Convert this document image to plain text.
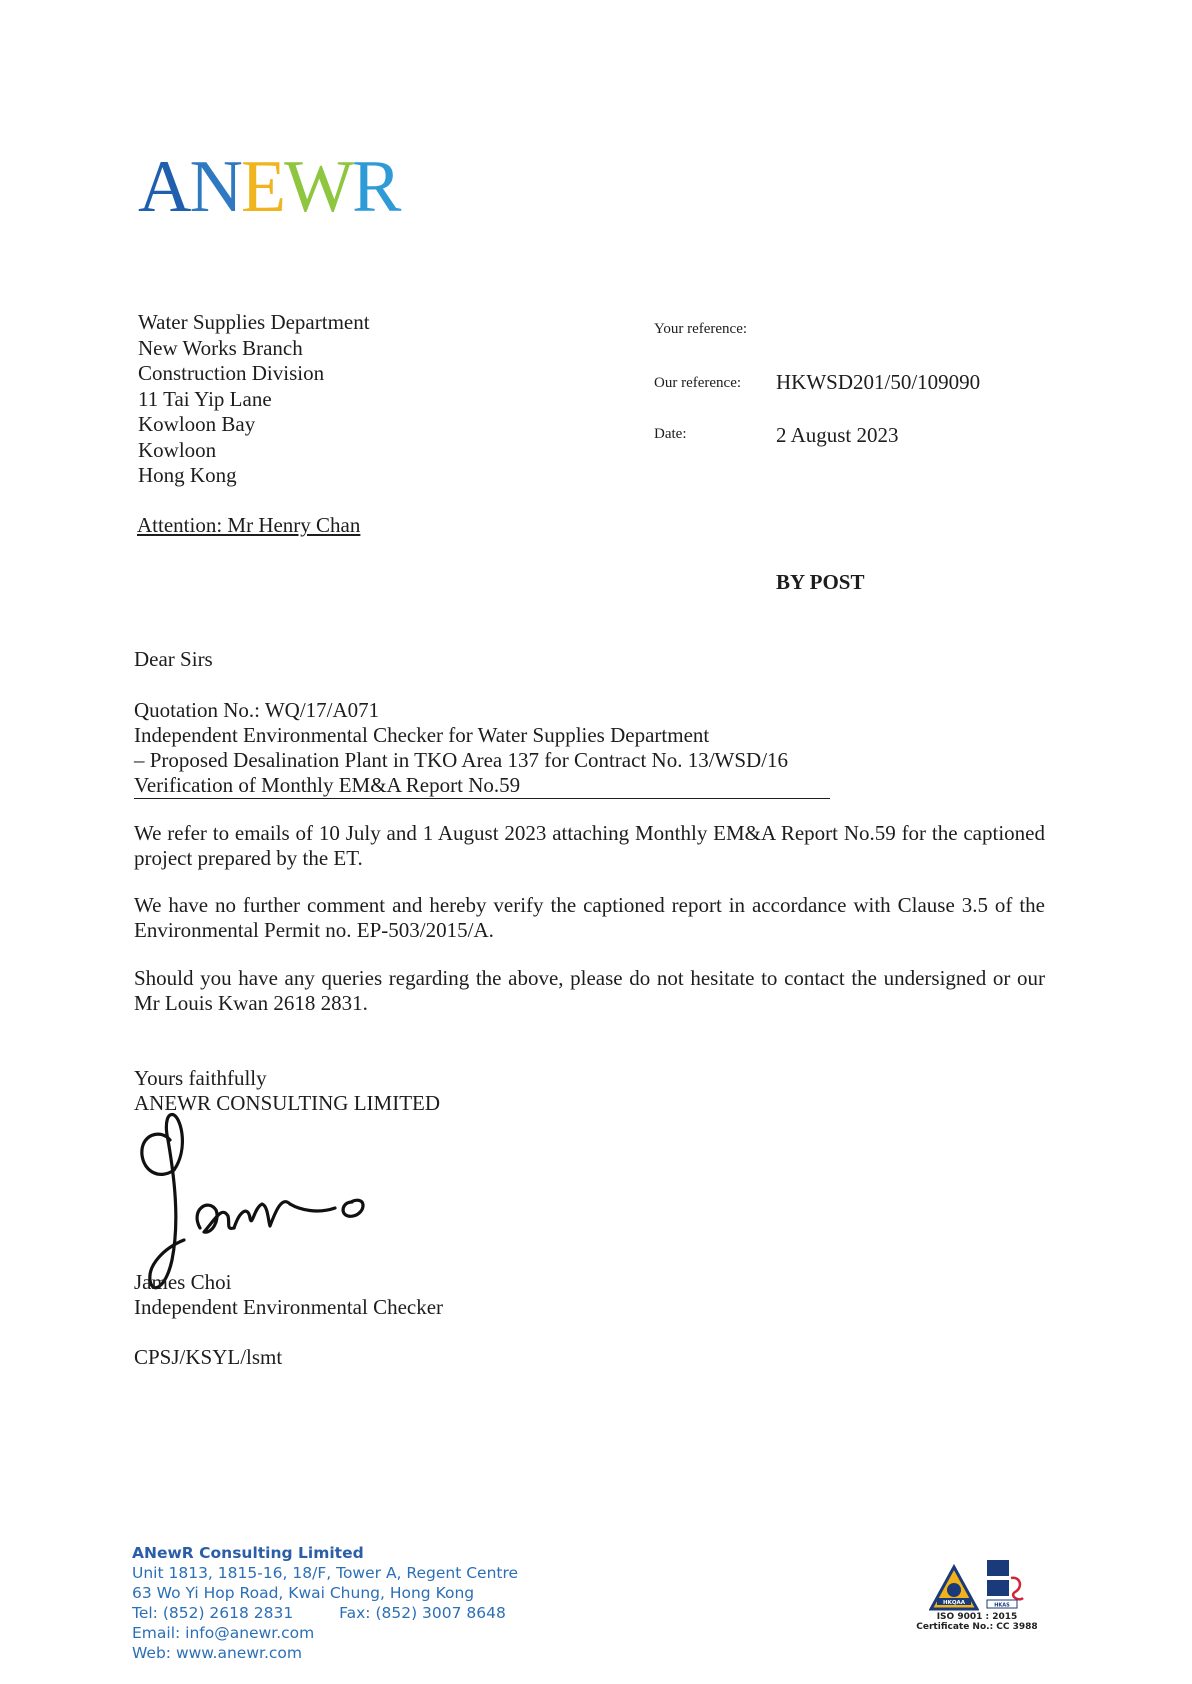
ANEWR
Water Supplies Department
New Works Branch
Construction Division
11 Tai Yip Lane
Kowloon Bay
Kowloon
Hong Kong
Attention: Mr Henry Chan
Your reference:
Our reference: HKWSD201/50/109090
Date:	2 August 2023
BY POST
Dear Sirs
Quotation No.: WQ/17/A071
Independent Environmental Checker for Water Supplies Department
– Proposed Desalination Plant in TKO Area 137 for Contract No. 13/WSD/16
Verification of Monthly EM&A Report No.59
We refer to emails of 10 July and 1 August 2023 attaching Monthly EM&A Report No.59 for the captioned project prepared by the ET.
We have no further comment and hereby verify the captioned report in accordance with Clause 3.5 of the Environmental Permit no. EP-503/2015/A.
Should you have any queries regarding the above, please do not hesitate to contact the undersigned or our Mr Louis Kwan 2618 2831.
Yours faithfully
ANEWR CONSULTING LIMITED
James Choi
Independent Environmental Checker
CPSJ/KSYL/lsmt
ANewR Consulting Limited
Unit 1813, 1815-16, 18/F, Tower A, Regent Centre
63 Wo Yi Hop Road, Kwai Chung, Hong Kong
Tel: (852) 2618 2831	Fax: (852) 3007 8648
Email: info@anewr.com
Web: www.anewr.com
HKQAA	HKAS
ISO 9001 : 2015
Certificate No.: CC 3988
